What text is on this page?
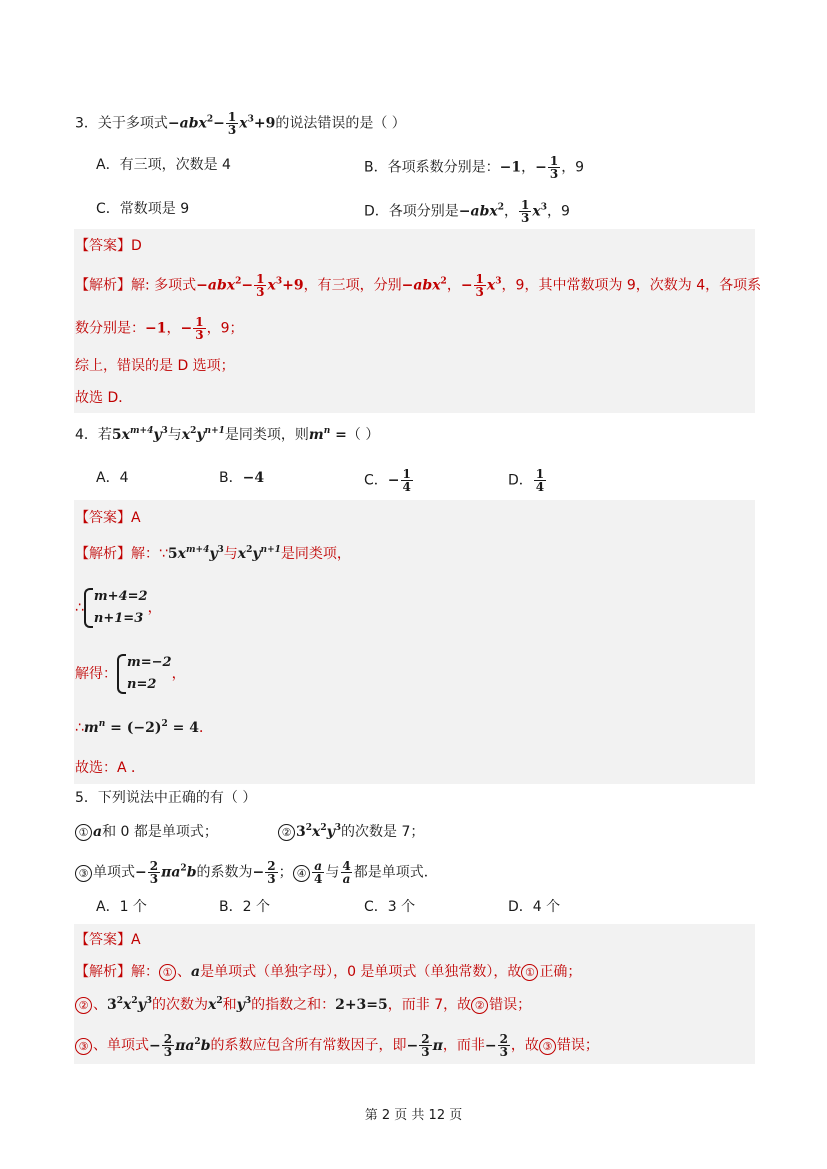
3．关于多项式$-abx^2- \frac{1}{3} x^3+9$的说法错误的是（ ）
A．有三项，次数是 4	B．各项系数分别是：−1，− $\frac{1}{3}$ ，9
C．常数项是 9	D．各项分别是−abx$^2$， $\frac{1}{3} x^3$，9
【答案】D
【解析】解: 多项式$-abx^2- \frac{1}{3} x^3+9$，有三项，分别−abx$^2$，− $\frac{1}{3} x^3$，9，其中常数项为 9，次数为 4，各项系
数分别是：−1，− $\frac{1}{3}$ ，9；
综上，错误的是 D 选项；
故选 D．
4．若$5x^{m+4}y^3$与$x^2y^{n+1}$是同类项，则$m^n$ =（ ）
A．4	B．−4	C．− $\frac{1}{4}$	D． $\frac{1}{4}$
【答案】A
【解析】解：$\because 5x^{m+4}y^3$与$x^2y^{n+1}$是同类项，
∴
m+4=2
n+1=3
，
解得：
m=−2
n=2
，
$\therefore m^n = (-2)^2 = 4$．
故选：A ．
5．下列说法中正确的有（ ）
① a和 0 都是单项式；	② $3^2x^2y^3$的次数是 7；
③ 单项式− $\frac{2}{3} \pi a^2b$的系数为− $\frac{2}{3}$ ； ④ $\frac{a}{4}$ 与 $\frac{4}{a}$ 都是单项式．
A．1 个	B．2 个	C．3 个	D．4 个
【答案】A
【解析】解： ① 、a是单项式（单独字母），0 是单项式（单独常数），故 ① 正确；
② 、$3^2x^2y^3$的次数为$x^2$和$y^3$的指数之和：2+3=5，而非 7，故 ② 错误；
③ 、单项式− $\frac{2}{3} \pi a^2b$的系数应包含所有常数因子，即− $\frac{2}{3}$ π，而非− $\frac{2}{3}$ ，故 ③ 错误；
第 2 页 共 12 页
